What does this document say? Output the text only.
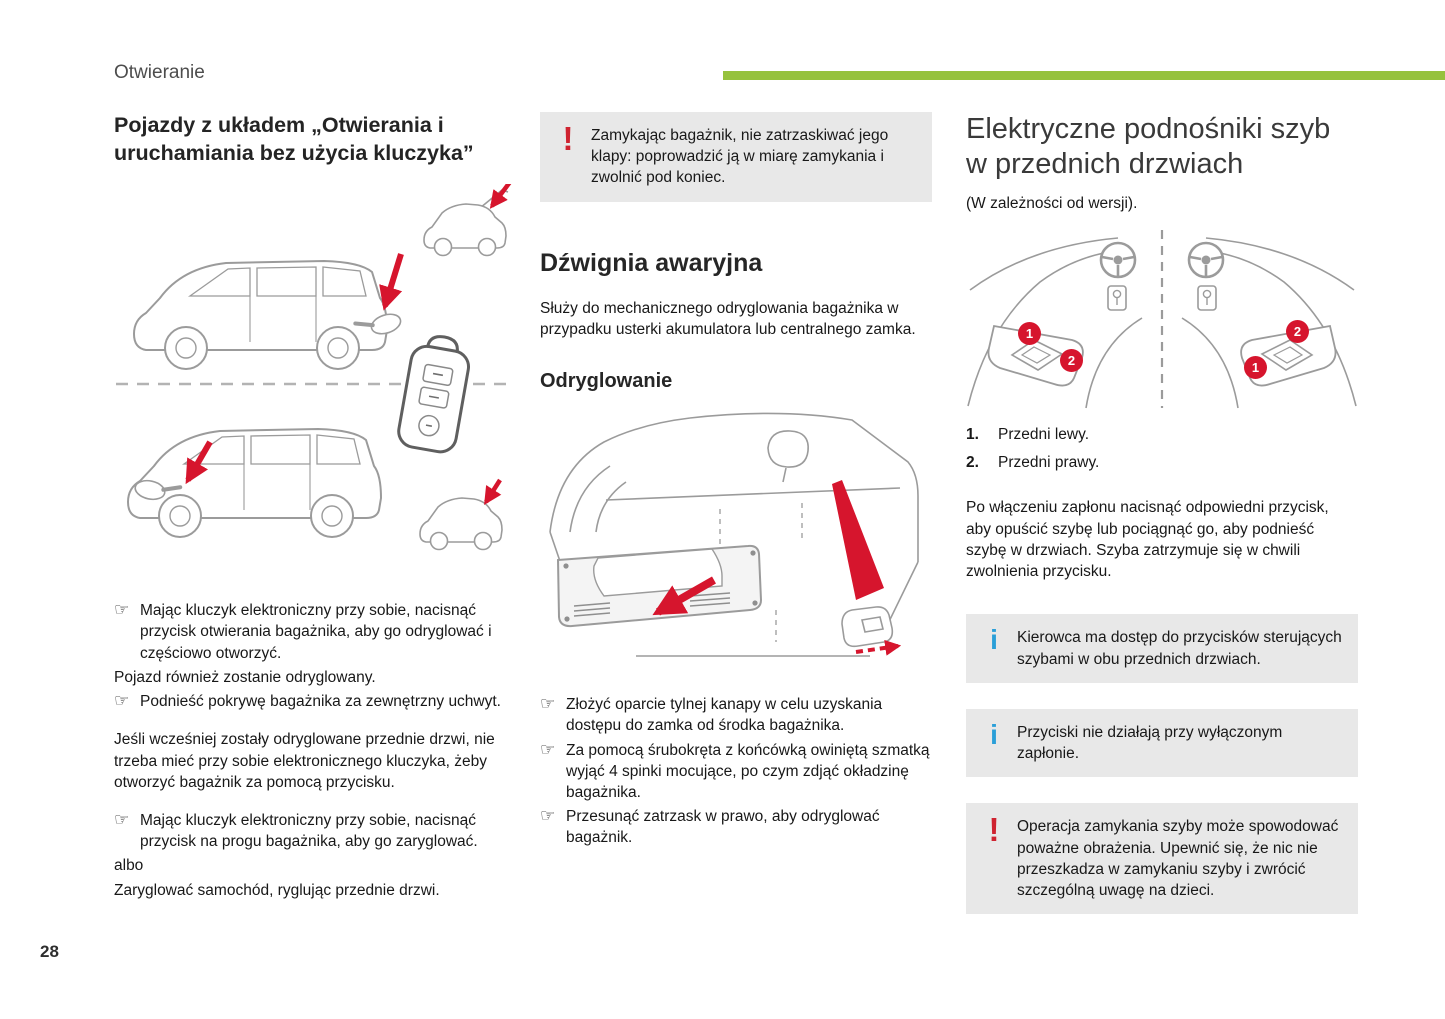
Otwieranie
Pojazdy z układem „Otwierania i uruchamiania bez użycia kluczyka”
☞ Mając kluczyk elektroniczny przy sobie, nacisnąć przycisk otwierania bagażnika, aby go odryglować i częściowo otworzyć.

Pojazd również zostanie odryglowany.

☞ Podnieść pokrywę bagażnika za zewnętrzny uchwyt.

Jeśli wcześniej zostały odryglowane przednie drzwi, nie trzeba mieć przy sobie elektronicznego kluczyka, żeby otworzyć bagażnik za pomocą przycisku.

☞ Mając kluczyk elektroniczny przy sobie, nacisnąć przycisk na progu bagażnika, aby go zaryglować.

albo

Zaryglować samochód, ryglując przednie drzwi.

!	Zamykając bagażnik, nie zatrzaskiwać jego klapy: poprowadzić ją w miarę zamykania i zwolnić pod koniec.

Dźwignia awaryjna

Służy do mechanicznego odryglowania bagażnika w przypadku usterki akumulatora lub centralnego zamka.

Odryglowanie
☞ Złożyć oparcie tylnej kanapy w celu uzyskania dostępu do zamka od środka bagażnika.
☞ Za pomocą śrubokręta z końcówką owiniętą szmatką wyjąć 4 spinki mocujące, po czym zdjąć okładzinę bagażnika.
☞ Przesunąć zatrzask w prawo, aby odryglować bagażnik.
Elektryczne podnośniki szyb w przednich drzwiach

(W zależności od wersji).

1
2
2
1
1.	Przedni lewy.
2.	Przedni prawy.

Po włączeniu zapłonu nacisnąć odpowiedni przycisk, aby opuścić szybę lub pociągnąć go, aby podnieść szybę w drzwiach. Szyba zatrzymuje się w chwili zwolnienia przycisku.

i	Kierowca ma dostęp do przycisków sterujących szybami w obu przednich drzwiach.

i	Przyciski nie działają przy wyłączonym zapłonie.

!	Operacja zamykania szyby może spowodować poważne obrażenia. Upewnić się, że nic nie przeszkadza w zamykaniu szyby i zwrócić szczególną uwagę na dzieci.

28
